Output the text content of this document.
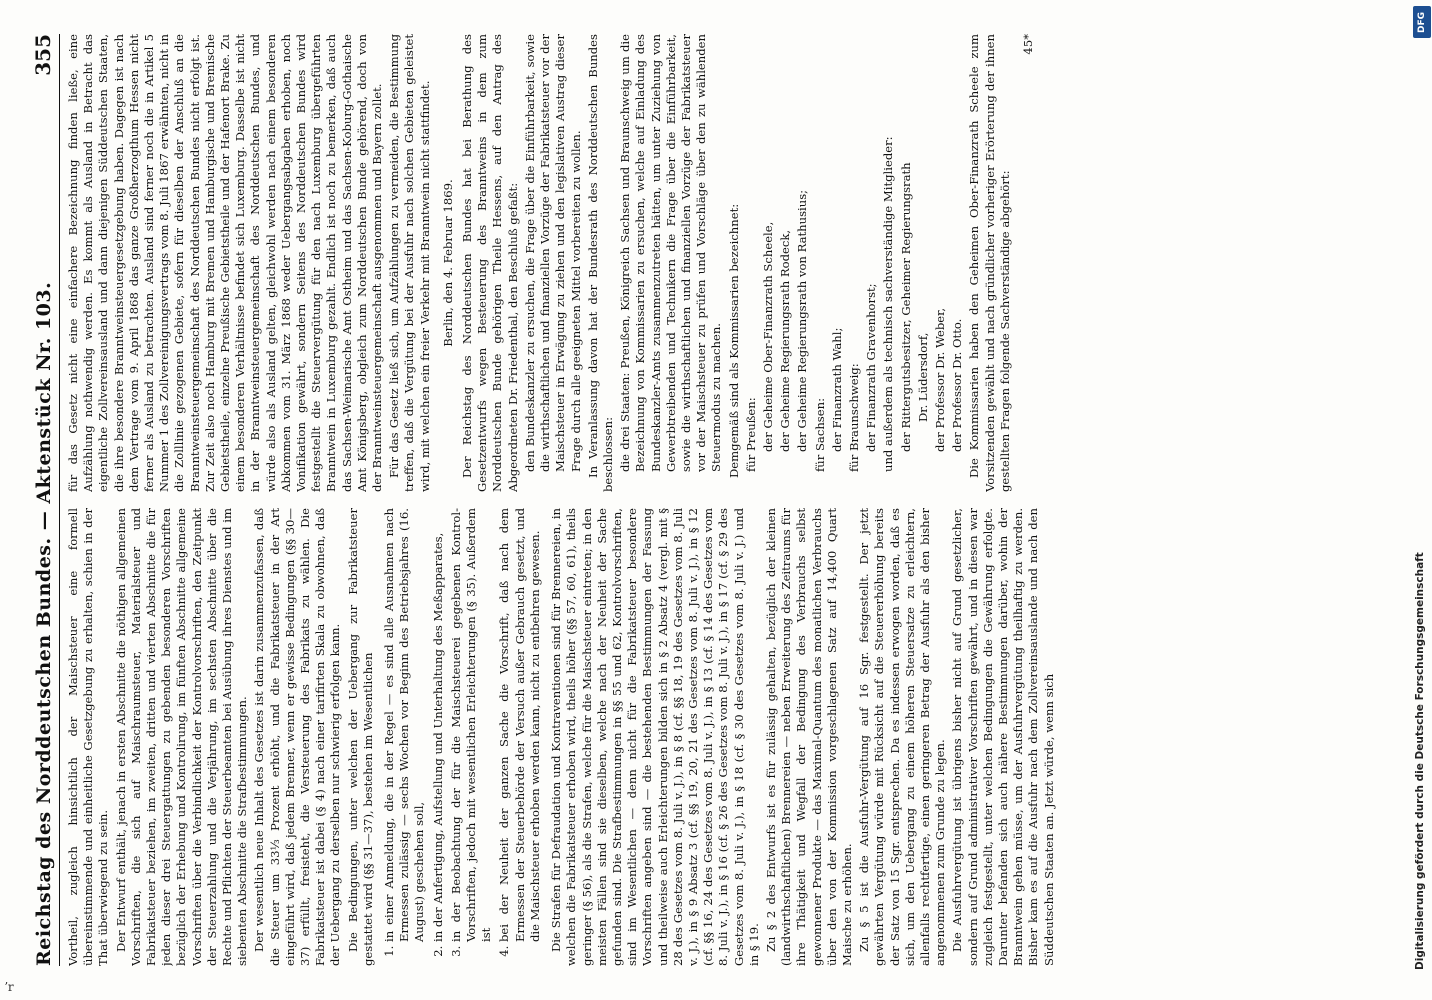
Reichstag des Norddeutschen Bundes. — Aktenstück Nr. 103.
355

Vortheil, zugleich hinsichtlich der Maischsteuer eine formell übereinstimmende und einheitliche Gesetzgebung zu erhalten, schien in der That überwiegend zu sein. Der Entwurf enthält, jenach in ersten Abschnitte die nöthigen allgemeinen Vorschriften, die sich auf Maischraumsteuer, Materialsteuer und Fabrikatsteuer beziehen, im zweiten, dritten und vierten Abschnitte die für jeden dieser drei Steuergattungen zu gebenden besonderen Vorschriften bezüglich der Erhebung und Kontrolirung, im fünften Abschnitte allgemeine Vorschriften über die Verbindlichkeit der Kontrolvorschriften, den Zeitpunkt der Steuerzahlung und die Verjährung, im sechsten Abschnitte über die Rechte und Pflichten der Steuerbeamten bei Ausübung ihres Dienstes und im siebenten Abschnitte die Strafbestimmungen. Der wesentlich neue Inhalt des Gesetzes ist darin zusammenzufassen, daß die Steuer um 33⅓ Prozent erhöht, und die Fabrikatsteuer in der Art eingeführt wird, daß jedem Brenner, wenn er gewisse Bedingungen (§§ 30—37) erfüllt, freisteht, die Versteuerung des Fabrikats zu wählen. Die Fabrikatsteuer ist dabei (§ 4) nach einer tarifirten Skala zu obwohnen, daß der Uebergang zu derselben nur schwierig erfolgen kann. Die Bedingungen, unter welchen der Uebergang zur Fabrikatsteuer gestattet wird (§§ 31—37), bestehen im Wesentlichen 1. in einer Anmeldung, die in der Regel — es sind alle Ausnahmen nach Ermessen zulässig — sechs Wochen vor Beginn des Betriebsjahres (16. August) geschehen soll, 2. in der Anfertigung, Aufstellung und Unterhaltung des Meßapparates, 3. in der Beobachtung der für die Maischsteuerei gegebenen Kontrol-Vorschriften, jedoch mit wesentlichen Erleichterungen (§ 35). Außerdem ist 4. bei der Neuheit der ganzen Sache die Vorschrift, daß nach dem Ermessen der Steuerbehörde der Versuch außer Gebrauch gesetzt, und die Maischsteuer erhoben werden kann, nicht zu entbehren gewesen. Die Strafen für Defraudation und Kontraventionen sind für Brennereien, in welchen die Fabrikatsteuer erhoben wird, theils höher (§§ 57, 60, 61), theils geringer (§ 56), als die Strafen, welche für die Maischsteuer eintreten; in den meisten Fällen sind sie dieselben, welche nach der Neuheit der Sache gefunden sind. Die Strafbestimmungen in §§ 55 und 62, Kontrolvorschriften, sind im Wesentlichen — denn nicht für die Fabrikatsteuer besondere Vorschriften angeben sind — die bestehenden Bestimmungen der Fassung und theilweise auch Erleichterungen bilden sich in § 2 Absatz 4 (vergl. mit § 28 des Gesetzes vom 8. Juli v. J.), in § 8 (cf. §§ 18, 19 des Gesetzes vom 8. Juli v. J.), in § 9 Absatz 3 (cf. §§ 19, 20, 21 des Gesetzes vom 8. Juli v. J.), in § 12 (cf. §§ 16, 24 des Gesetzes vom 8. Juli v. J.), in § 13 (cf. § 14 des Gesetzes vom 8. Juli v. J.), in § 16 (cf. § 26 des Gesetzes vom 8. Juli v. J.), in § 17 (cf. § 29 des Gesetzes vom 8. Juli v. J.), in § 18 (cf. § 30 des Gesetzes vom 8. Juli v. J.) und in § 19. Zu § 2 des Entwurfs ist es für zulässig gehalten, bezüglich der kleinen (landwirthschaftlichen) Brennereien — neben Erweiterung des Zeitraums für ihre Thätigkeit und Wegfall der Bedingung des Verbrauchs selbst gewonnener Produkte — das Maximal-Quantum des monatlichen Verbrauchs über den von der Kommission vorgeschlagenen Satz auf 14,400 Quart Maische zu erhöhen. Zu § 5 ist die Ausfuhr-Vergütung auf 16 Sgr. festgestellt. Der jetzt gewährten Vergütung würde mit Rücksicht auf die Steuererhöhung bereits der Satz von 15 Sgr. entsprechen. Da es indessen erwogen worden, daß es sich, um den Uebergang zu einem höheren Steuersatze zu erleichtern, allenfalls rechtfertige, einen geringeren Betrag der Ausfuhr als den bisher angenommenen zum Grunde zu legen. Die Ausfuhrvergütung ist übrigens bisher nicht auf Grund gesetzlicher, sondern auf Grund administrativer Vorschriften gewährt, und in diesen war zugleich festgestellt, unter welchen Bedingungen die Gewährung erfolgte. Darunter befanden sich auch nähere Bestimmungen darüber, wohin der Branntwein gehen müsse, um der Ausfuhrvergütung theilhaftig zu werden. Bisher kam es auf die Ausfuhr nach dem Zollvereinsauslande und nach den Süddeutschen Staaten an. Jetzt würde, wenn sich

für das Gesetz nicht eine einfachere Bezeichnung finden ließe, eine Aufzählung nothwendig werden. Es kommt als Ausland in Betracht das eigentliche Zollvereinsausland und dann diejenigen Süddeutschen Staaten, die ihre besondere Branntweinsteuergesetzgebung haben. Dagegen ist nach dem Vertrage vom 9. April 1868 das ganze Großherzogthum Hessen nicht ferner als Ausland zu betrachten. Ausland sind ferner noch die in Artikel 5 Nummer 1 des Zollvereinigungsvertrags vom 8. Juli 1867 erwähnten, nicht in die Zolllinie gezogenen Gebiete, sofern für dieselben der Anschluß an die Branntweinsteuergemeinschaft des Norddeutschen Bundes nicht erfolgt ist. Zur Zeit also noch Hamburg mit Bremen und Hamburgische und Bremische Gebietstheile, einzelne Preußische Gebietstheile und der Hafenort Brake. Zu einem besonderen Verhältnisse befindet sich Luxemburg. Dasselbe ist nicht in der Branntweinsteuergemeinschaft des Norddeutschen Bundes, und würde also als Ausland gelten, gleichwohl werden nach einem besonderen Abkommen vom 31. März 1868 weder Uebergangsabgaben erhoben, noch Vonifikation gewährt, sondern Seitens des Norddeutschen Bundes wird festgestellt die Steuervergütung für den nach Luxemburg übergeführten Branntwein in Luxemburg gezahlt. Endlich ist noch zu bemerken, daß auch das Sachsen-Weimarische Amt Ostheim und das Sachsen-Koburg-Gothaische Amt Königsberg, obgleich zum Norddeutschen Bunde gehörend, doch von der Branntweinsteuergemeinschaft ausgenommen und Bayern zollet. Für das Gesetz ließ sich, um Aufzählungen zu vermeiden, die Bestimmung treffen, daß die Vergütung bei der Ausfuhr nach solchen Gebieten geleistet wird, mit welchen ein freier Verkehr mit Branntwein nicht stattfindet. Berlin, den 4. Februar 1869. Der Reichstag des Norddeutschen Bundes hat bei Berathung des Gesetzentwurfs wegen Besteuerung des Branntweins in dem zum Norddeutschen Bunde gehörigen Theile Hessens, auf den Antrag des Abgeordneten Dr. Friedenthal, den Beschluß gefaßt: den Bundeskanzler zu ersuchen, die Frage über die Einführbarkeit, sowie die wirthschaftlichen und finanziellen Vorzüge der Fabrikatsteuer vor der Maischsteuer in Erwägung zu ziehen und den legislativen Austrag dieser Frage durch alle geeigneten Mittel vorbereiten zu wollen. In Veranlassung davon hat der Bundesrath des Norddeutschen Bundes beschlossen: die drei Staaten: Preußen, Königreich Sachsen und Braunschweig um die Bezeichnung von Kommissarien zu ersuchen, welche auf Einladung des Bundeskanzler-Amts zusammenzutreten hätten, um unter Zuziehung von Gewerbtreibenden und Technikern die Frage über die Einführbarkeit, sowie die wirthschaftlichen und finanziellen Vorzüge der Fabrikatsteuer vor der Maischsteuer zu prüfen und Vorschläge über den zu wählenden Steuermodus zu machen. Demgemäß sind als Kommissarien bezeichnet: für Preußen: der Geheime Ober-Finanzrath Scheele, der Geheime Regierungsrath Rodeck, der Geheime Regierungsrath von Rathusius; für Sachsen: der Finanzrath Wahl; für Braunschweig: der Finanzrath Gravenhorst; und außerdem als technisch sachverständige Mitglieder: der Rittergutsbesitzer, Geheimer Regierungsrath Dr. Lüdersdorf, der Professor Dr. Weber, der Professor Dr. Otto. Die Kommissarien haben den Geheimen Ober-Finanzrath Scheele zum Vorsitzenden gewählt und nach gründlicher vorheriger Erörterung der ihnen gestellten Fragen folgende Sachverständige abgehört:

45*

DFG
Digitalisierung gefördert durch die Deutsche Forschungsgemeinschaft
ʼr
